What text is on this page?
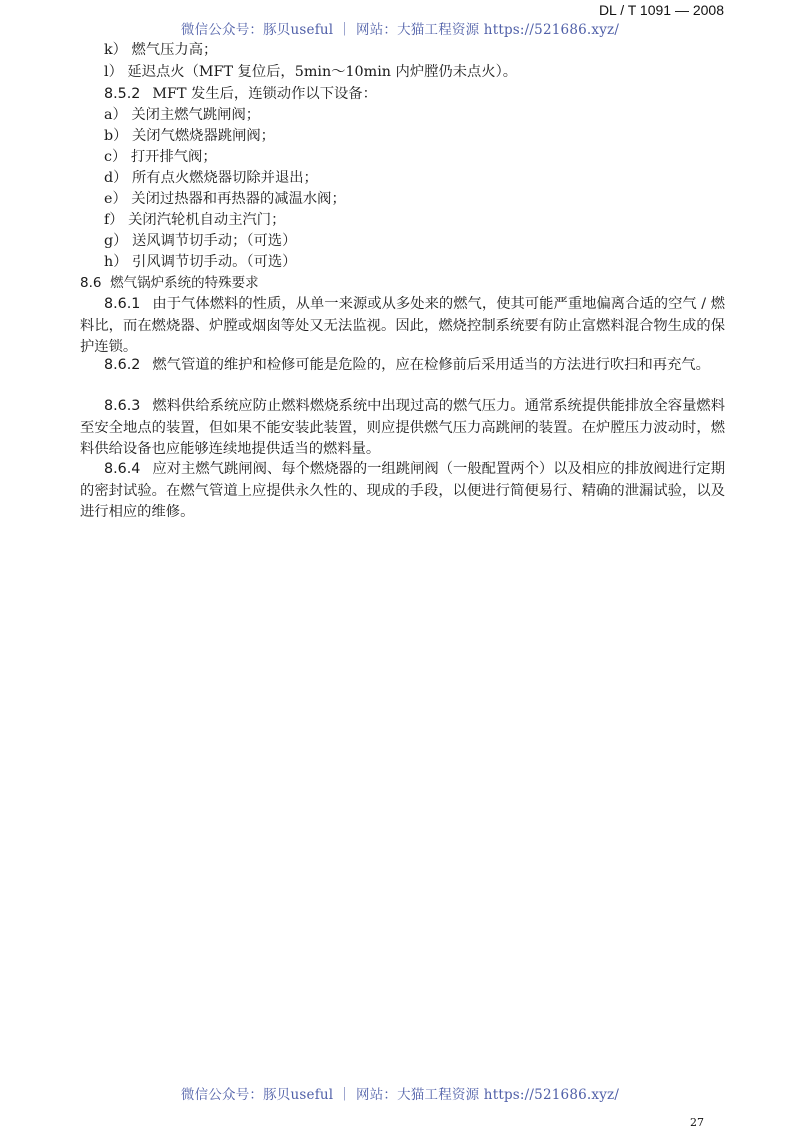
DL / T 1091 — 2008
微信公众号：豚贝useful ｜ 网站：大猫工程资源 https://521686.xyz/
k） 燃气压力高；
l） 延迟点火（MFT 复位后，5min～10min 内炉膛仍未点火）。
8.5.2 MFT 发生后，连锁动作以下设备：
a） 关闭主燃气跳闸阀；
b） 关闭气燃烧器跳闸阀；
c） 打开排气阀；
d） 所有点火燃烧器切除并退出；
e） 关闭过热器和再热器的减温水阀；
f） 关闭汽轮机自动主汽门；
g） 送风调节切手动；（可选）
h） 引风调节切手动。（可选）
8.6 燃气锅炉系统的特殊要求
8.6.1 由于气体燃料的性质，从单一来源或从多处来的燃气，使其可能严重地偏离合适的空气 / 燃料比，而在燃烧器、炉膛或烟囱等处又无法监视。因此，燃烧控制系统要有防止富燃料混合物生成的保护连锁。
8.6.2 燃气管道的维护和检修可能是危险的，应在检修前后采用适当的方法进行吹扫和再充气。
8.6.3 燃料供给系统应防止燃料燃烧系统中出现过高的燃气压力。通常系统提供能排放全容量燃料至安全地点的装置，但如果不能安装此装置，则应提供燃气压力高跳闸的装置。在炉膛压力波动时，燃料供给设备也应能够连续地提供适当的燃料量。
8.6.4 应对主燃气跳闸阀、每个燃烧器的一组跳闸阀（一般配置两个）以及相应的排放阀进行定期的密封试验。在燃气管道上应提供永久性的、现成的手段，以便进行简便易行、精确的泄漏试验，以及进行相应的维修。
微信公众号：豚贝useful ｜ 网站：大猫工程资源 https://521686.xyz/
27
